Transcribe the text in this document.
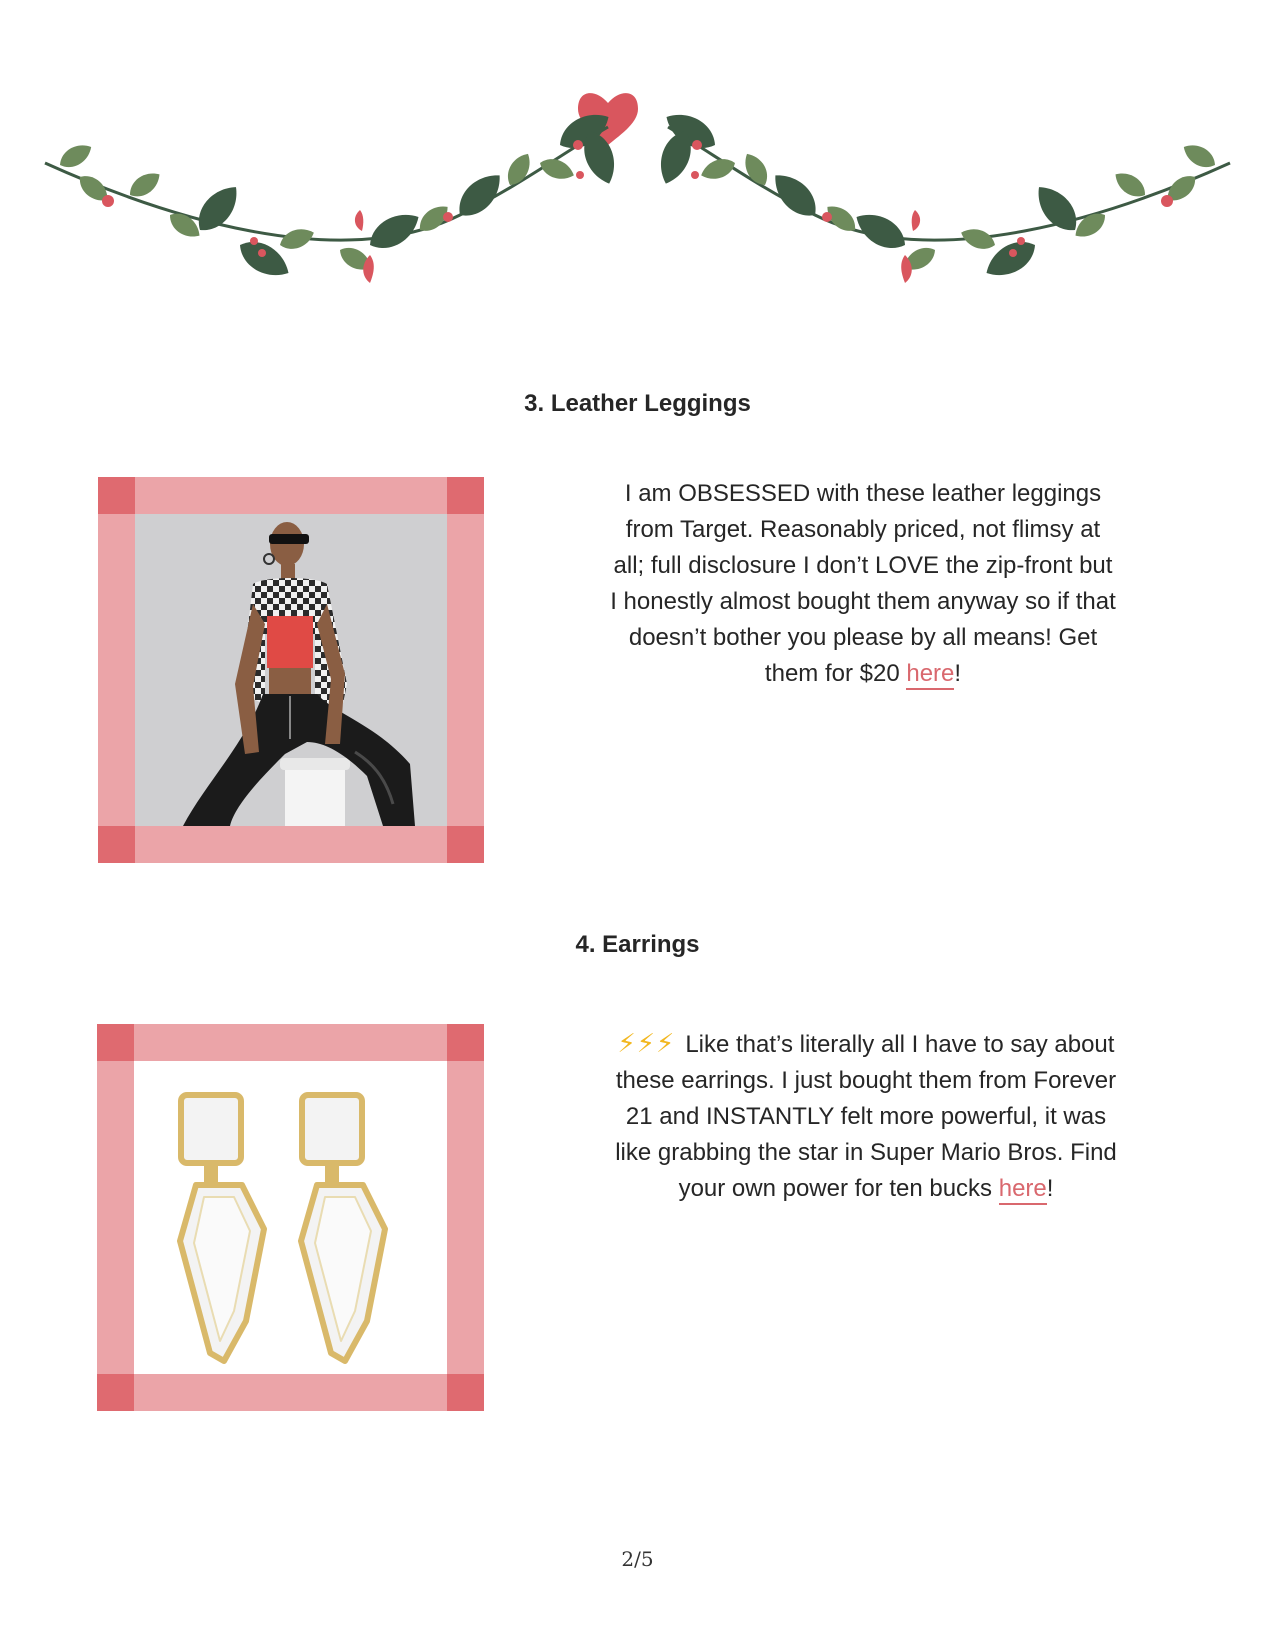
3. Leather Leggings
I am OBSESSED with these leather leggings from Target. Reasonably priced, not flimsy at all; full disclosure I don’t LOVE the zip-front but I honestly almost bought them anyway so if that doesn’t bother you please by all means! Get them for $20 here!
4. Earrings
⚡⚡⚡ Like that’s literally all I have to say about these earrings. I just bought them from Forever 21 and INSTANTLY felt more powerful, it was like grabbing the star in Super Mario Bros. Find your own power for ten bucks here!
2/5
